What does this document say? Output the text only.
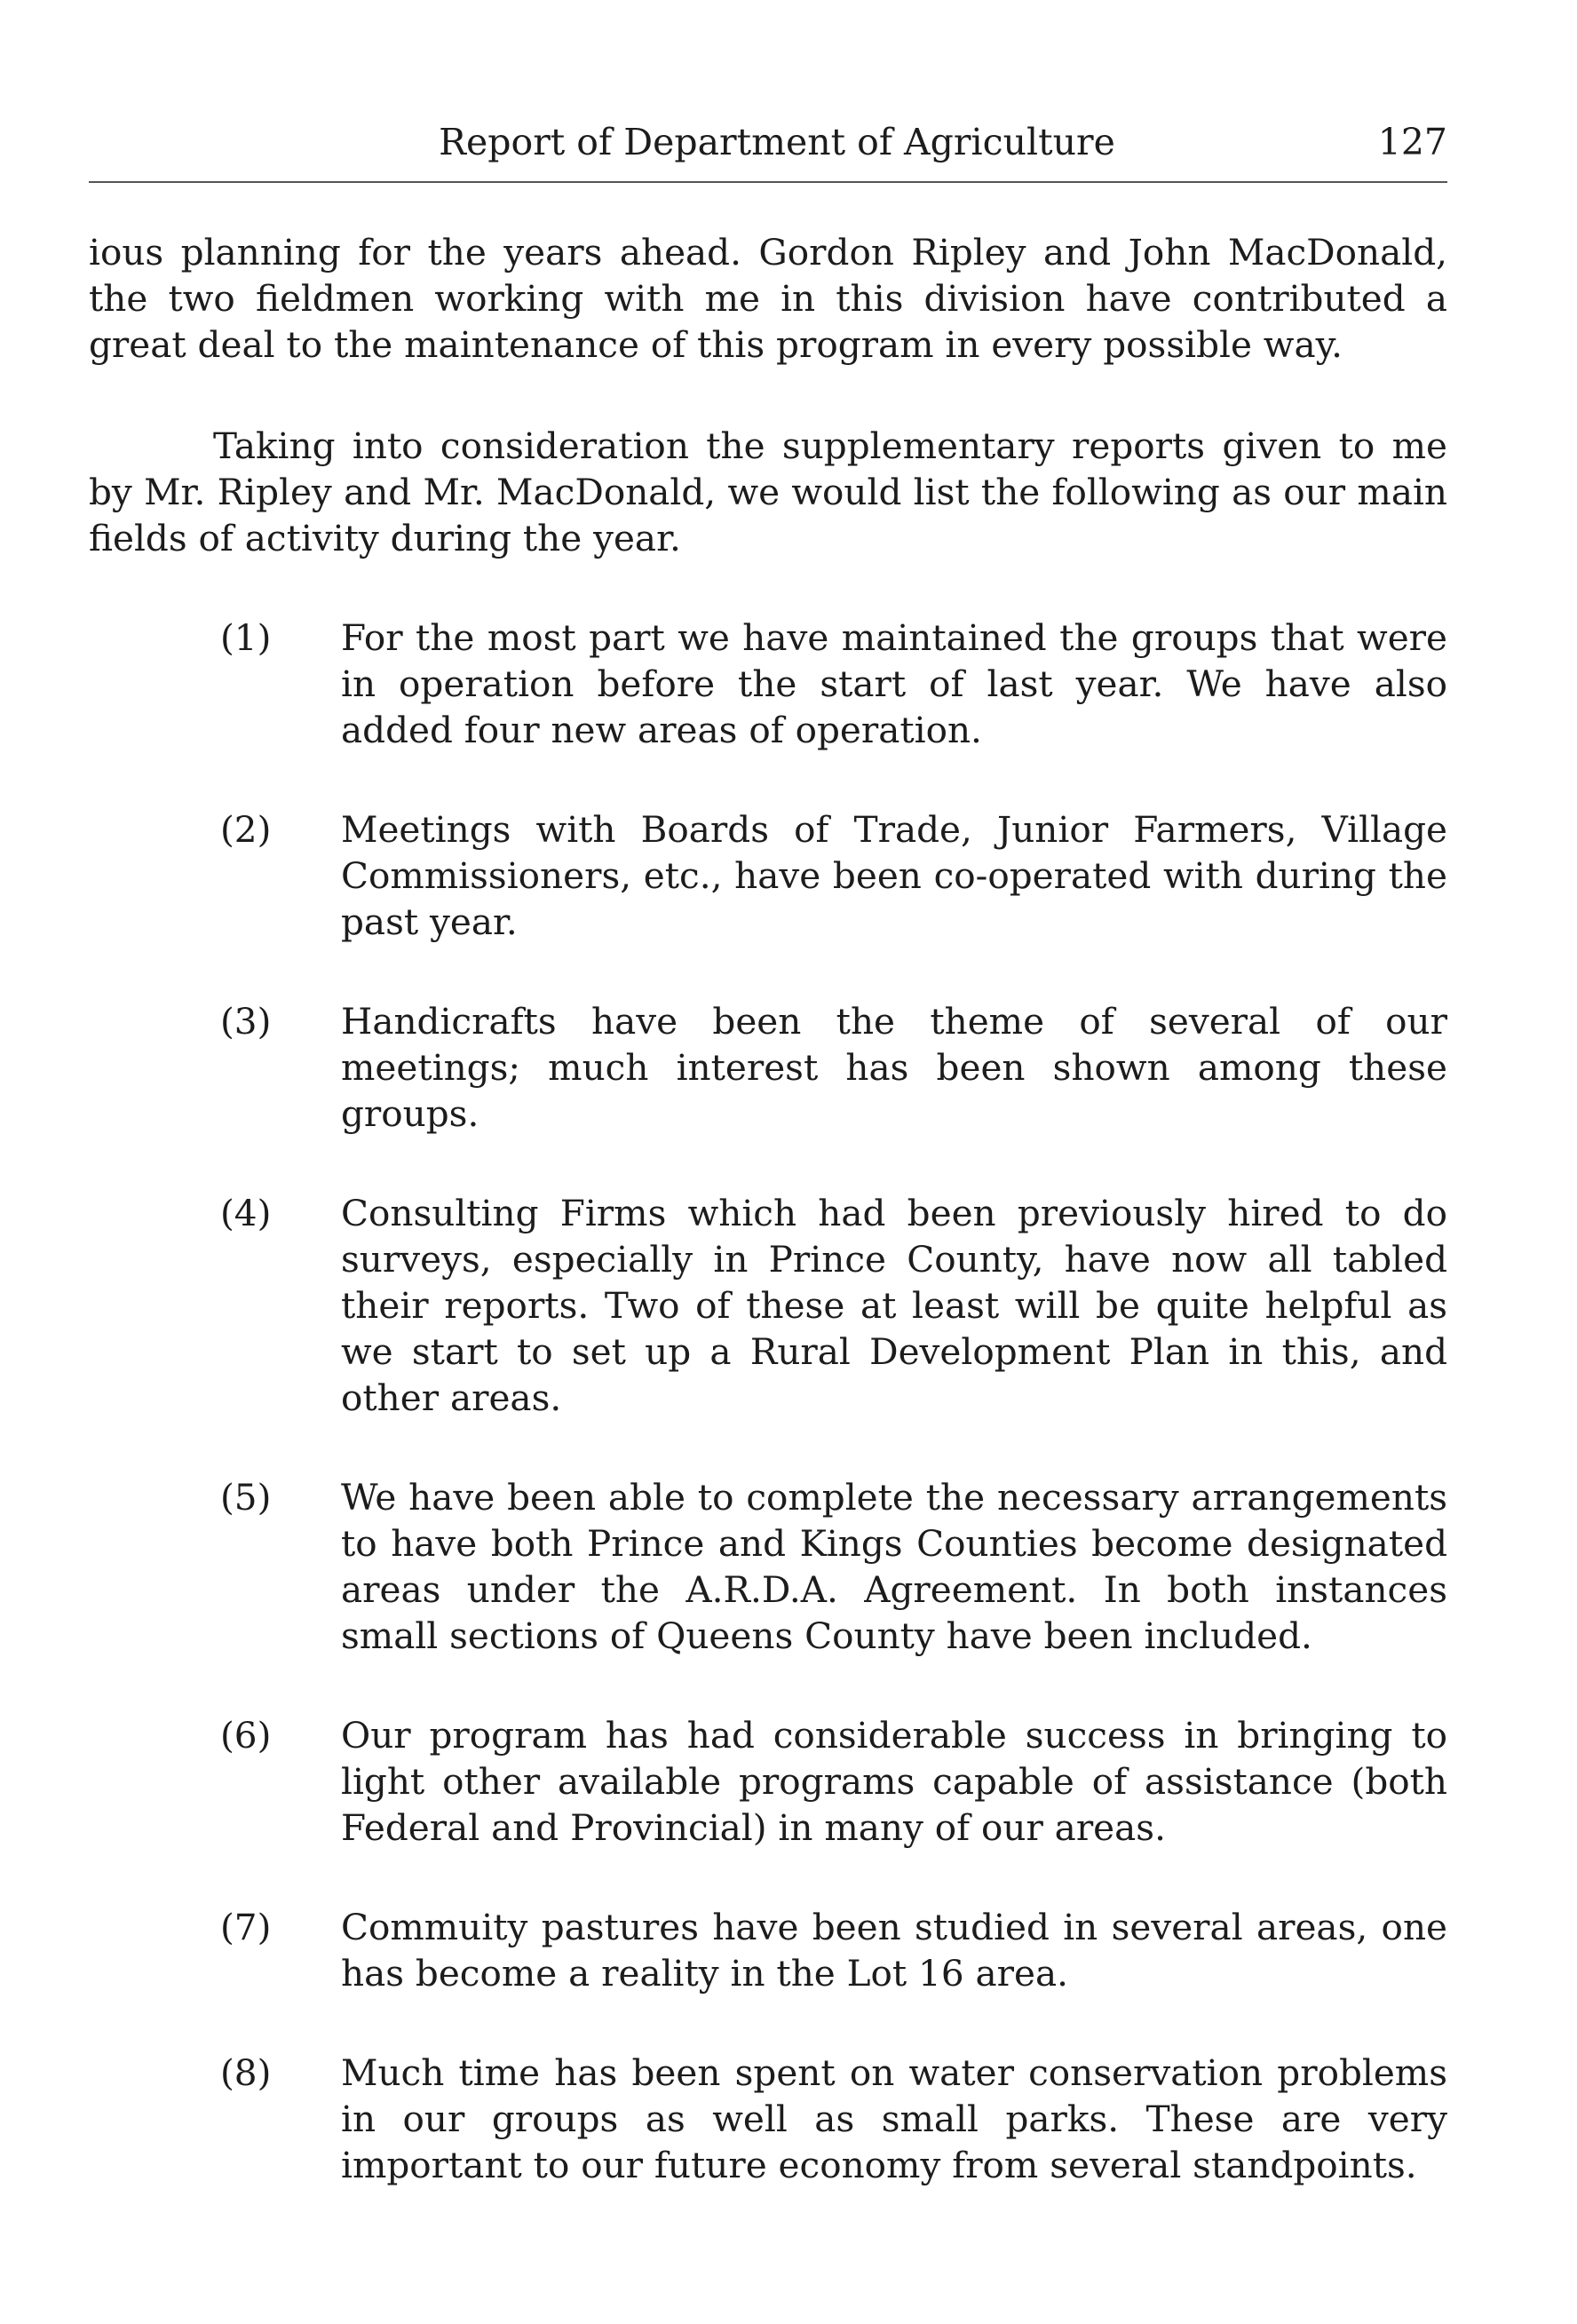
Report of Department of Agriculture	127

ious planning for the years ahead. Gordon Ripley and John MacDonald, the two fieldmen working with me in this division have contributed a great deal to the maintenance of this program in every possible way.

Taking into consideration the supplementary reports given to me by Mr. Ripley and Mr. MacDonald, we would list the following as our main fields of activity during the year.

(1) For the most part we have maintained the groups that were in operation before the start of last year. We have also added four new areas of operation.
(2) Meetings with Boards of Trade, Junior Farmers, Village Commissioners, etc., have been co-operated with during the past year.
(3) Handicrafts have been the theme of several of our meetings; much interest has been shown among these groups.
(4) Consulting Firms which had been previously hired to do surveys, especially in Prince County, have now all tabled their reports. Two of these at least will be quite helpful as we start to set up a Rural Development Plan in this, and other areas.
(5) We have been able to complete the necessary arrangements to have both Prince and Kings Counties become designated areas under the A.R.D.A. Agreement. In both instances small sections of Queens County have been included.
(6) Our program has had considerable success in bringing to light other available programs capable of assistance (both Federal and Provincial) in many of our areas.
(7) Commuity pastures have been studied in several areas, one has become a reality in the Lot 16 area.
(8) Much time has been spent on water conservation problems in our groups as well as small parks. These are very important to our future economy from several standpoints.
